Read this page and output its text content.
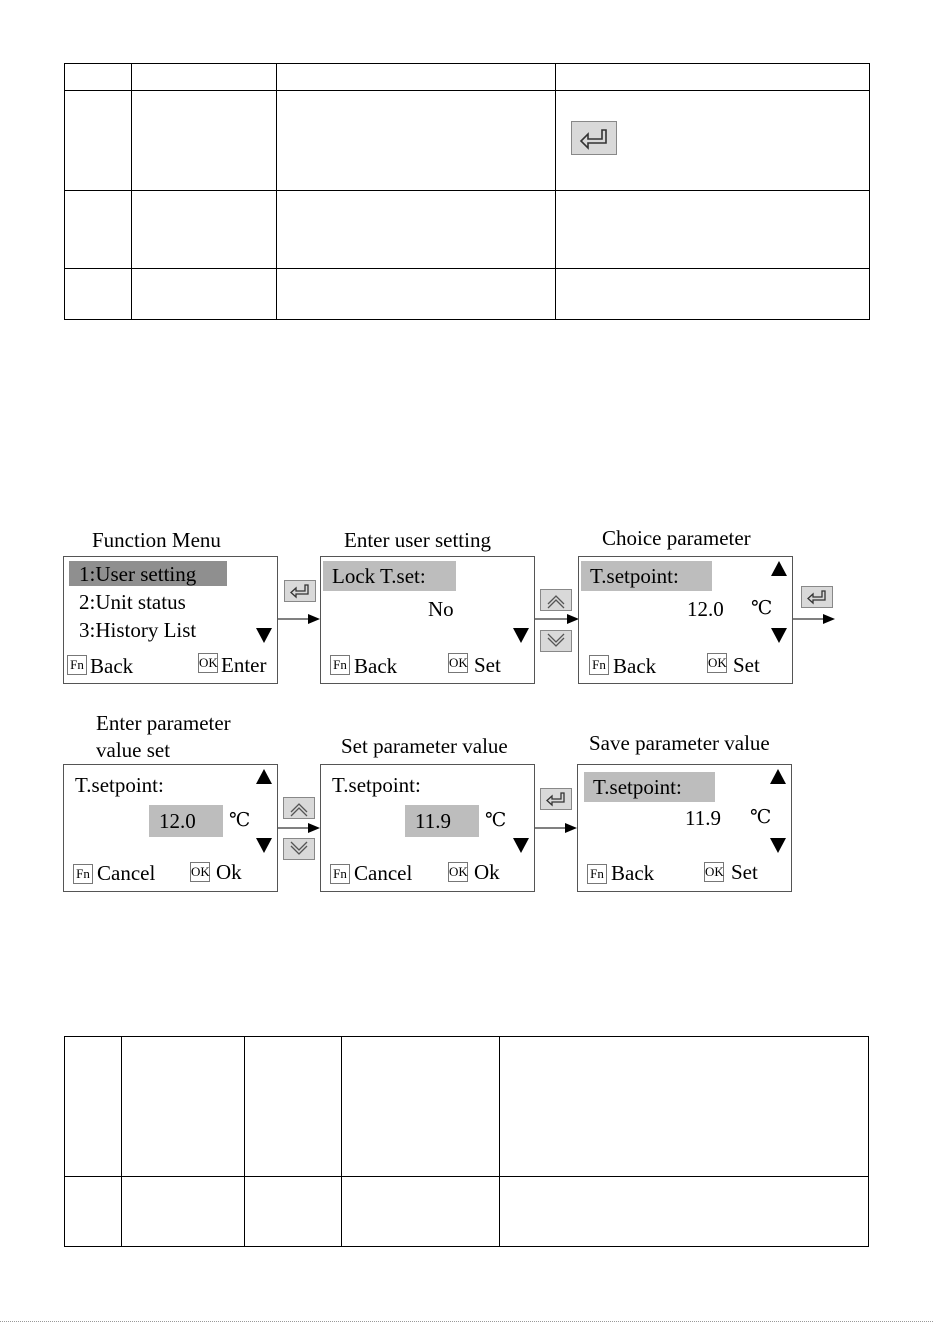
Function Menu	Enter user setting	Choice parameter
Enter parameter
value set	Set parameter value	Save parameter value
1:User setting
2:Unit status
3:History List
Fn Back	OK Enter
Lock T.set:
No
Fn Back	OK Set
T.setpoint:
12.0 ℃
Fn Back	OK Set
T.setpoint:
12.0 ℃
Fn Cancel	OK Ok
T.setpoint:
11.9 ℃
Fn Cancel	OK Ok
T.setpoint:
11.9 ℃
Fn Back	OK Set
